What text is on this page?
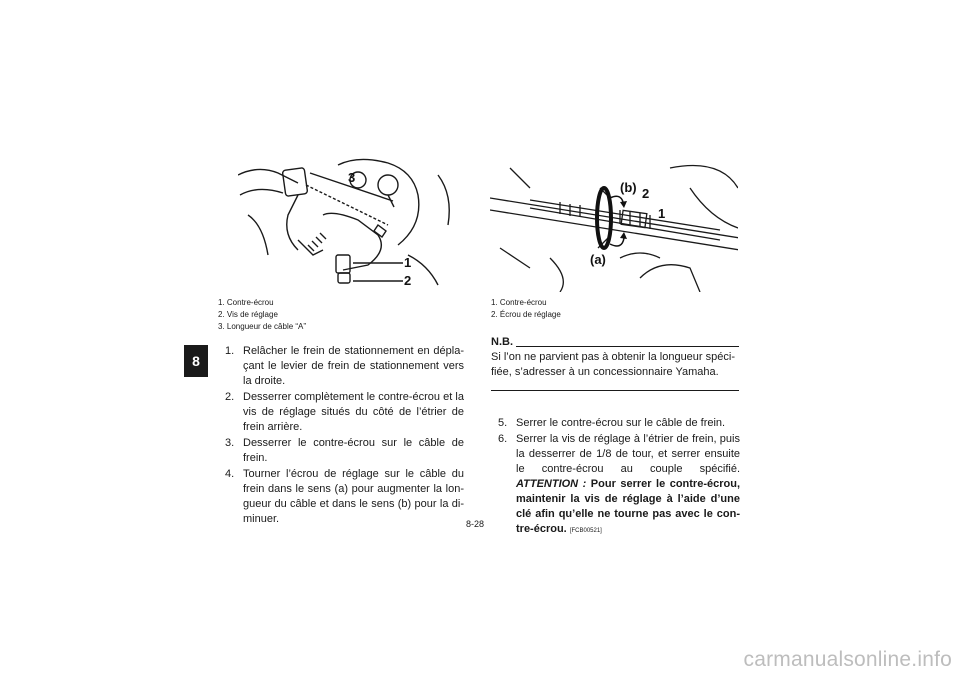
8
3
1
2
1. Contre-écrou
2. Vis de réglage
3. Longueur de câble “A”
(b) 2
1
(a)
1. Contre-écrou
2. Écrou de réglage
1. Relâcher le frein de stationnement en dépla-çant le levier de frein de stationnement vers la droite.
2. Desserrer complètement le contre-écrou et la vis de réglage situés du côté de l’étrier de frein arrière.
3. Desserrer le contre-écrou sur le câble de frein.
4. Tourner l’écrou de réglage sur le câble du frein dans le sens (a) pour augmenter la lon-gueur du câble et dans le sens (b) pour la di-minuer.
N.B.

Si l’on ne parvient pas à obtenir la longueur spéci-fiée, s’adresser à un concessionnaire Yamaha.

5. Serrer le contre-écrou sur le câble de frein.
6. Serrer la vis de réglage à l’étrier de frein, puis la desserrer de 1/8 de tour, et serrer ensuite le contre-écrou au couple spécifié. ATTENTION : Pour serrer le contre-écrou, maintenir la vis de réglage à l’aide d’une clé afin qu’elle ne tourne pas avec le con-tre-écrou. [FCB00521]
8-28
carmanualsonline.info
